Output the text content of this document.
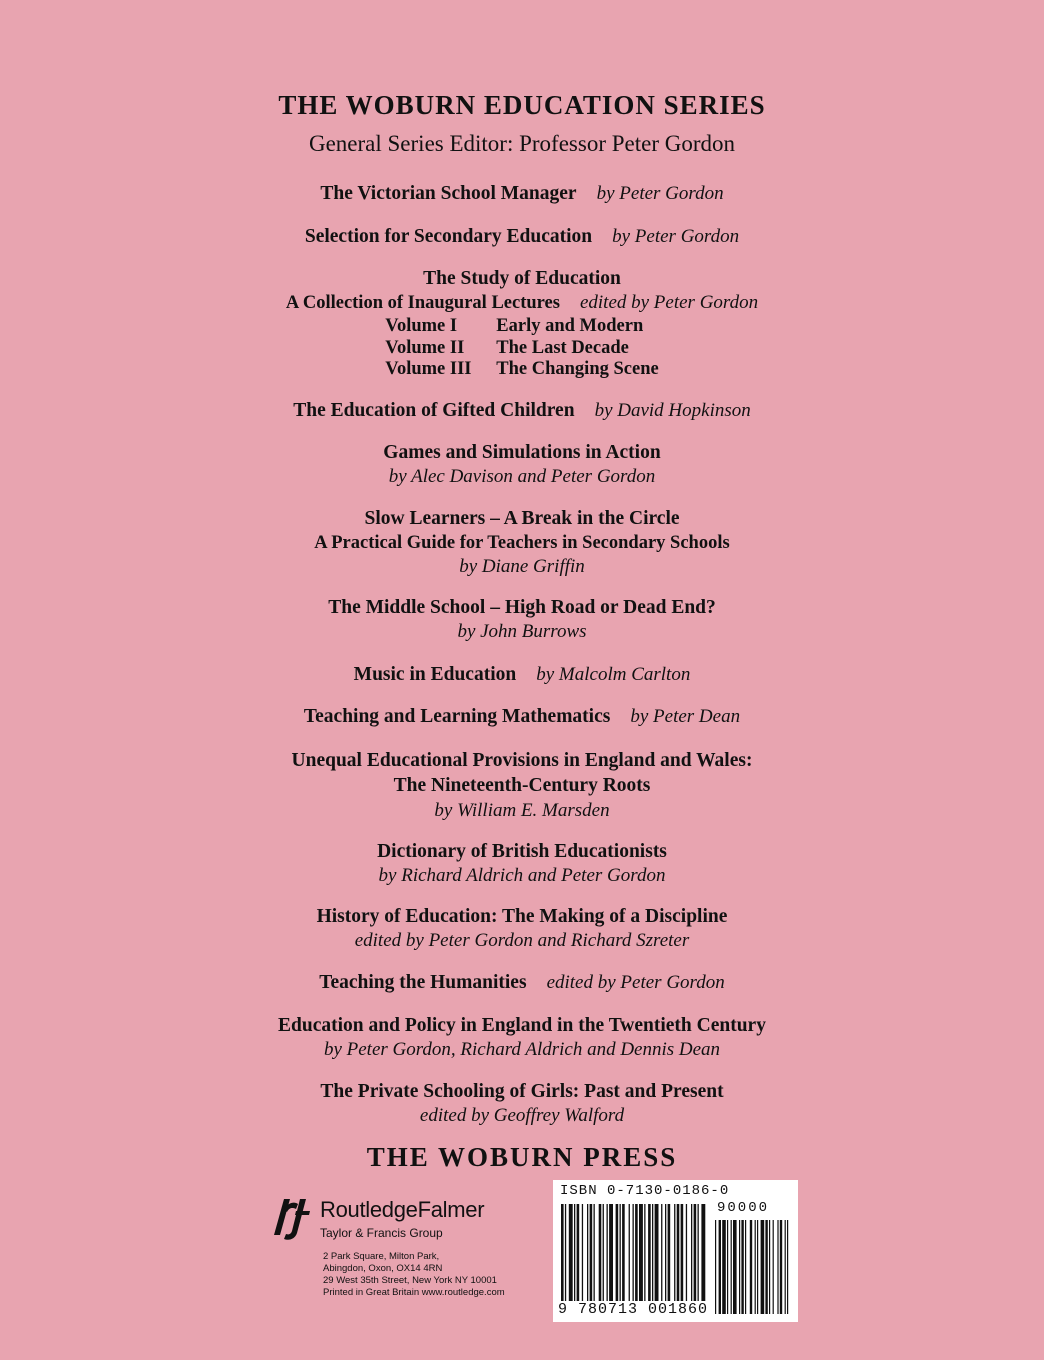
THE WOBURN EDUCATION SERIES
General Series Editor: Professor Peter Gordon
The Victorian School Manager by Peter Gordon
Selection for Secondary Education by Peter Gordon
The Study of Education
A Collection of Inaugural Lectures edited by Peter Gordon
Volume I Early and Modern
Volume II The Last Decade
Volume III The Changing Scene
The Education of Gifted Children by David Hopkinson
Games and Simulations in Action
by Alec Davison and Peter Gordon
Slow Learners – A Break in the Circle
A Practical Guide for Teachers in Secondary Schools
by Diane Griffin
The Middle School – High Road or Dead End?
by John Burrows
Music in Education by Malcolm Carlton
Teaching and Learning Mathematics by Peter Dean
Unequal Educational Provisions in England and Wales:
The Nineteenth-Century Roots
by William E. Marsden
Dictionary of British Educationists
by Richard Aldrich and Peter Gordon
History of Education: The Making of a Discipline
edited by Peter Gordon and Richard Szreter
Teaching the Humanities edited by Peter Gordon
Education and Policy in England in the Twentieth Century
by Peter Gordon, Richard Aldrich and Dennis Dean
The Private Schooling of Girls: Past and Present
edited by Geoffrey Walford
THE WOBURN PRESS
RoutledgeFalmer
Taylor & Francis Group
2 Park Square, Milton Park,
Abingdon, Oxon, OX14 4RN
29 West 35th Street, New York NY 10001
Printed in Great Britain www.routledge.com
ISBN 0-7130-0186-0
90000
9 780713 001860
